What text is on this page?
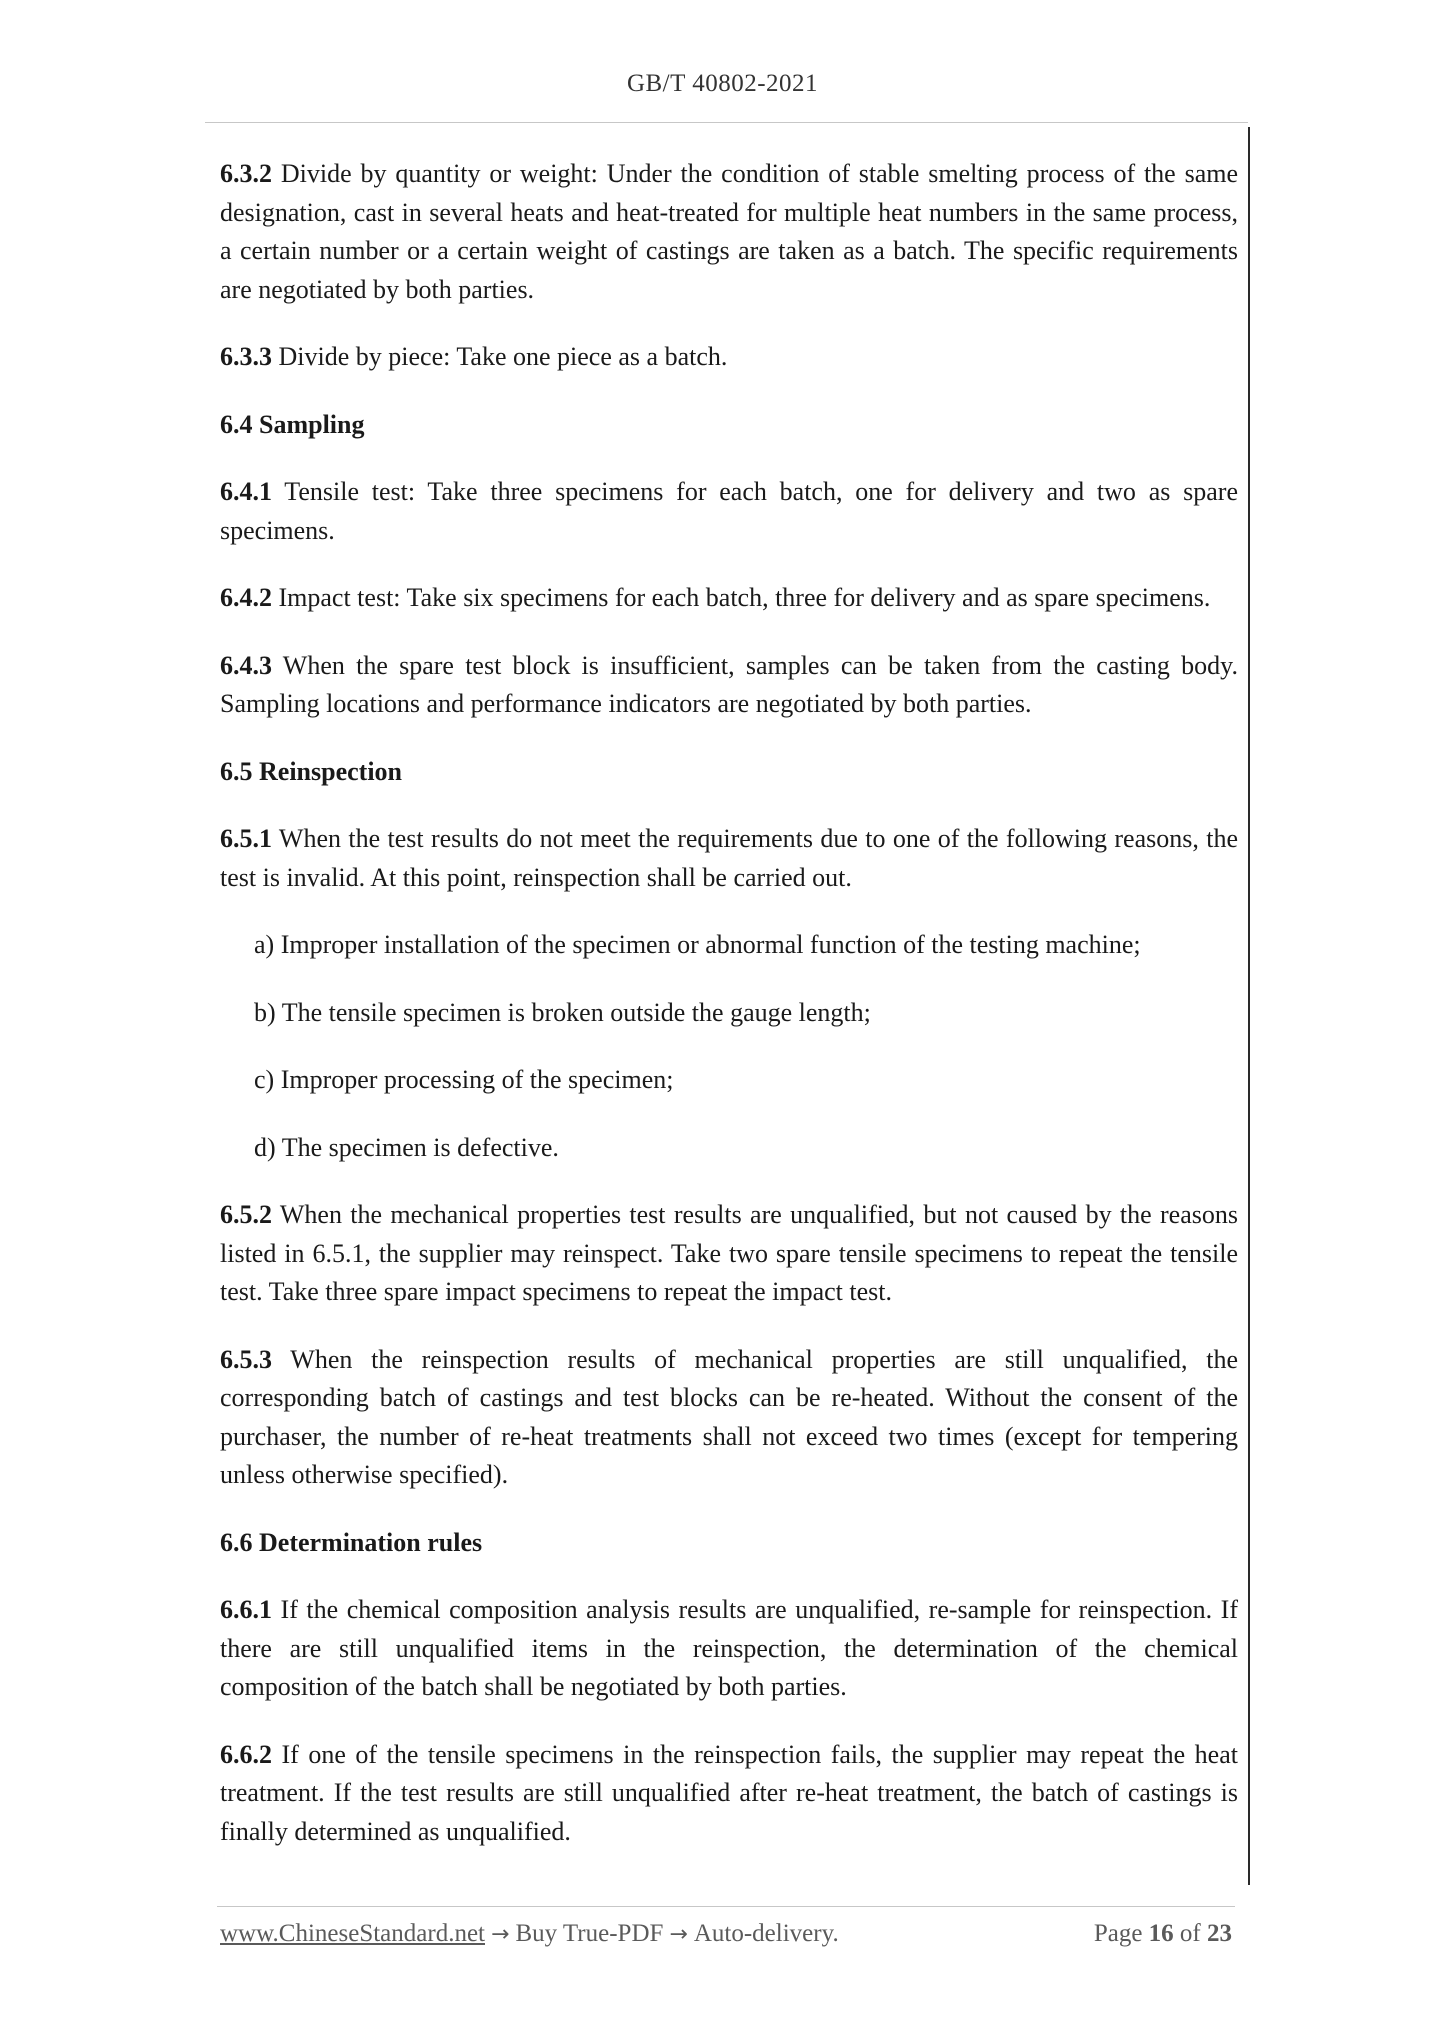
GB/T 40802-2021

6.3.2 Divide by quantity or weight: Under the condition of stable smelting process of the same designation, cast in several heats and heat-treated for multiple heat numbers in the same process, a certain number or a certain weight of castings are taken as a batch. The specific requirements are negotiated by both parties.

6.3.3 Divide by piece: Take one piece as a batch.

6.4 Sampling

6.4.1 Tensile test: Take three specimens for each batch, one for delivery and two as spare specimens.

6.4.2 Impact test: Take six specimens for each batch, three for delivery and as spare specimens.

6.4.3 When the spare test block is insufficient, samples can be taken from the casting body. Sampling locations and performance indicators are negotiated by both parties.

6.5 Reinspection

6.5.1 When the test results do not meet the requirements due to one of the following reasons, the test is invalid. At this point, reinspection shall be carried out.

a) Improper installation of the specimen or abnormal function of the testing machine;

b) The tensile specimen is broken outside the gauge length;

c) Improper processing of the specimen;

d) The specimen is defective.

6.5.2 When the mechanical properties test results are unqualified, but not caused by the reasons listed in 6.5.1, the supplier may reinspect. Take two spare tensile specimens to repeat the tensile test. Take three spare impact specimens to repeat the impact test.

6.5.3 When the reinspection results of mechanical properties are still unqualified, the corresponding batch of castings and test blocks can be re-heated. Without the consent of the purchaser, the number of re-heat treatments shall not exceed two times (except for tempering unless otherwise specified).

6.6 Determination rules

6.6.1 If the chemical composition analysis results are unqualified, re-sample for reinspection. If there are still unqualified items in the reinspection, the determination of the chemical composition of the batch shall be negotiated by both parties.

6.6.2 If one of the tensile specimens in the reinspection fails, the supplier may repeat the heat treatment. If the test results are still unqualified after re-heat treatment, the batch of castings is finally determined as unqualified.

www.ChineseStandard.net → Buy True-PDF → Auto-delivery.	Page 16 of 23
